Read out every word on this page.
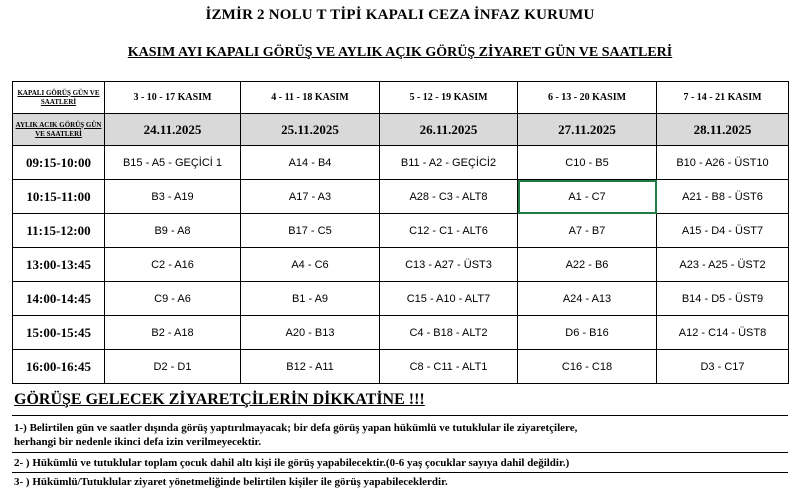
İZMİR 2 NOLU T TİPİ KAPALI CEZA İNFAZ KURUMU
KASIM AYI KAPALI GÖRÜŞ VE AYLIK AÇIK GÖRÜŞ ZİYARET GÜN VE SAATLERİ
KAPALI GÖRÜŞ GÜN VE SAATLERİ	3 - 10 - 17 KASIM	4 - 11 - 18 KASIM	5 - 12 - 19 KASIM	6 - 13 - 20 KASIM	7 - 14 - 21 KASIM
AYLIK ACIK GÖRÜŞ GÜN VE SAATLERİ	24.11.2025	25.11.2025	26.11.2025	27.11.2025	28.11.2025
09:15-10:00	B15 - A5 - GEÇİCİ 1	A14 - B4	B11 - A2 - GEÇİCİ2	C10 - B5	B10 - A26 - ÜST10
10:15-11:00	B3 - A19	A17 - A3	A28 - C3 - ALT8	A1 - C7	A21 - B8 - ÜST6
11:15-12:00	B9 - A8	B17 - C5	C12 - C1 - ALT6	A7 - B7	A15 - D4 - ÜST7
13:00-13:45	C2 - A16	A4 - C6	C13 - A27 - ÜST3	A22 - B6	A23 - A25 - ÜST2
14:00-14:45	C9 - A6	B1 - A9	C15 - A10 - ALT7	A24 - A13	B14 - D5 - ÜST9
15:00-15:45	B2 - A18	A20 - B13	C4 - B18 - ALT2	D6 - B16	A12 - C14 - ÜST8
16:00-16:45	D2 - D1	B12 - A11	C8 - C11 - ALT1	C16 - C18	D3 - C17
GÖRÜŞE GELECEK ZİYARETÇİLERİN DİKKATİNE !!!
1-) Belirtilen gün ve saatler dışında görüş yaptırılmayacak; bir defa görüş yapan hükümlü ve tutuklular ile ziyaretçilere,
herhangi bir nedenle ikinci defa izin verilmeyecektir.
2- ) Hükümlü ve tutuklular toplam çocuk dahil altı kişi ile görüş yapabilecektir.(0-6 yaş çocuklar sayıya dahil değildir.)
3- ) Hükümlü/Tutuklular ziyaret yönetmeliğinde belirtilen kişiler ile görüş yapabileceklerdir.
